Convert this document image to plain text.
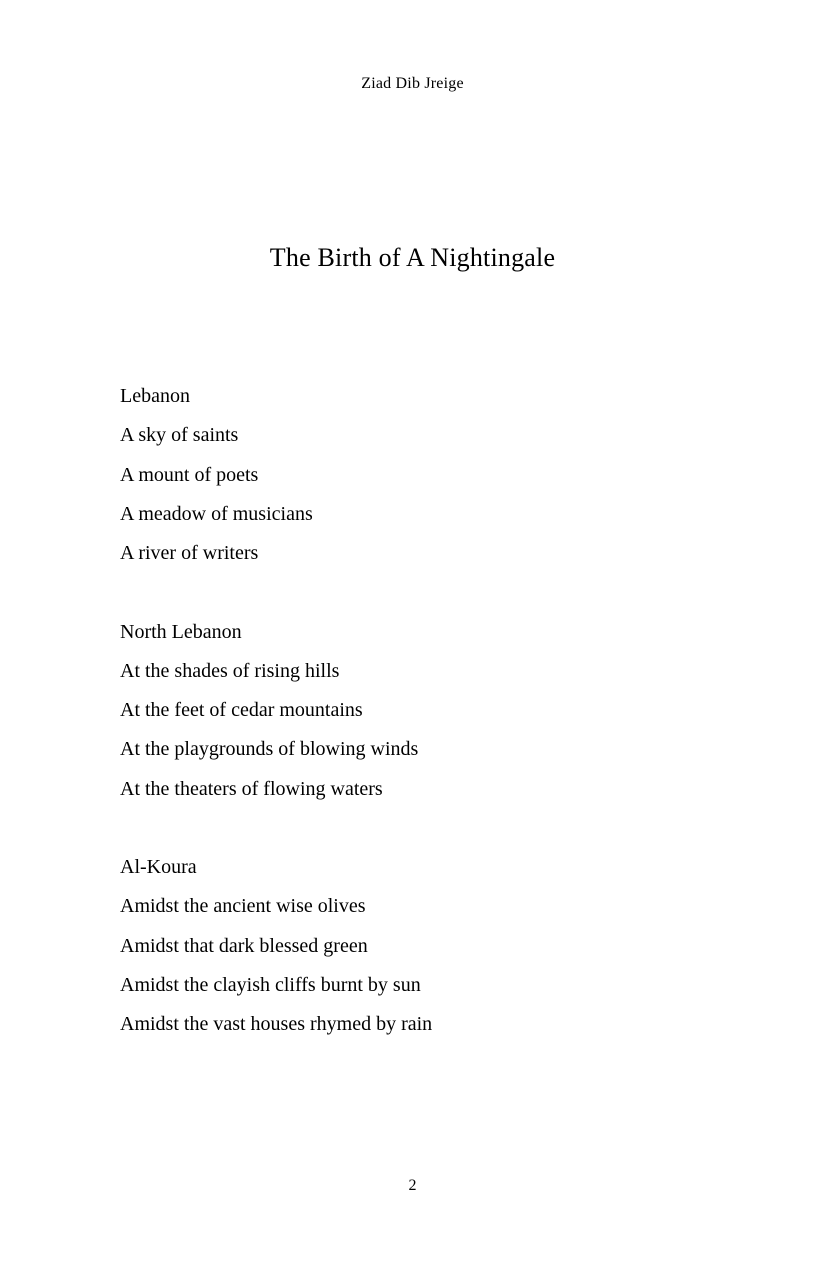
Ziad Dib Jreige
The Birth of A Nightingale

Lebanon

A sky of saints

A mount of poets

A meadow of musicians

A river of writers

North Lebanon

At the shades of rising hills

At the feet of cedar mountains

At the playgrounds of blowing winds

At the theaters of flowing waters

Al-Koura

Amidst the ancient wise olives

Amidst that dark blessed green

Amidst the clayish cliffs burnt by sun

Amidst the vast houses rhymed by rain

2
